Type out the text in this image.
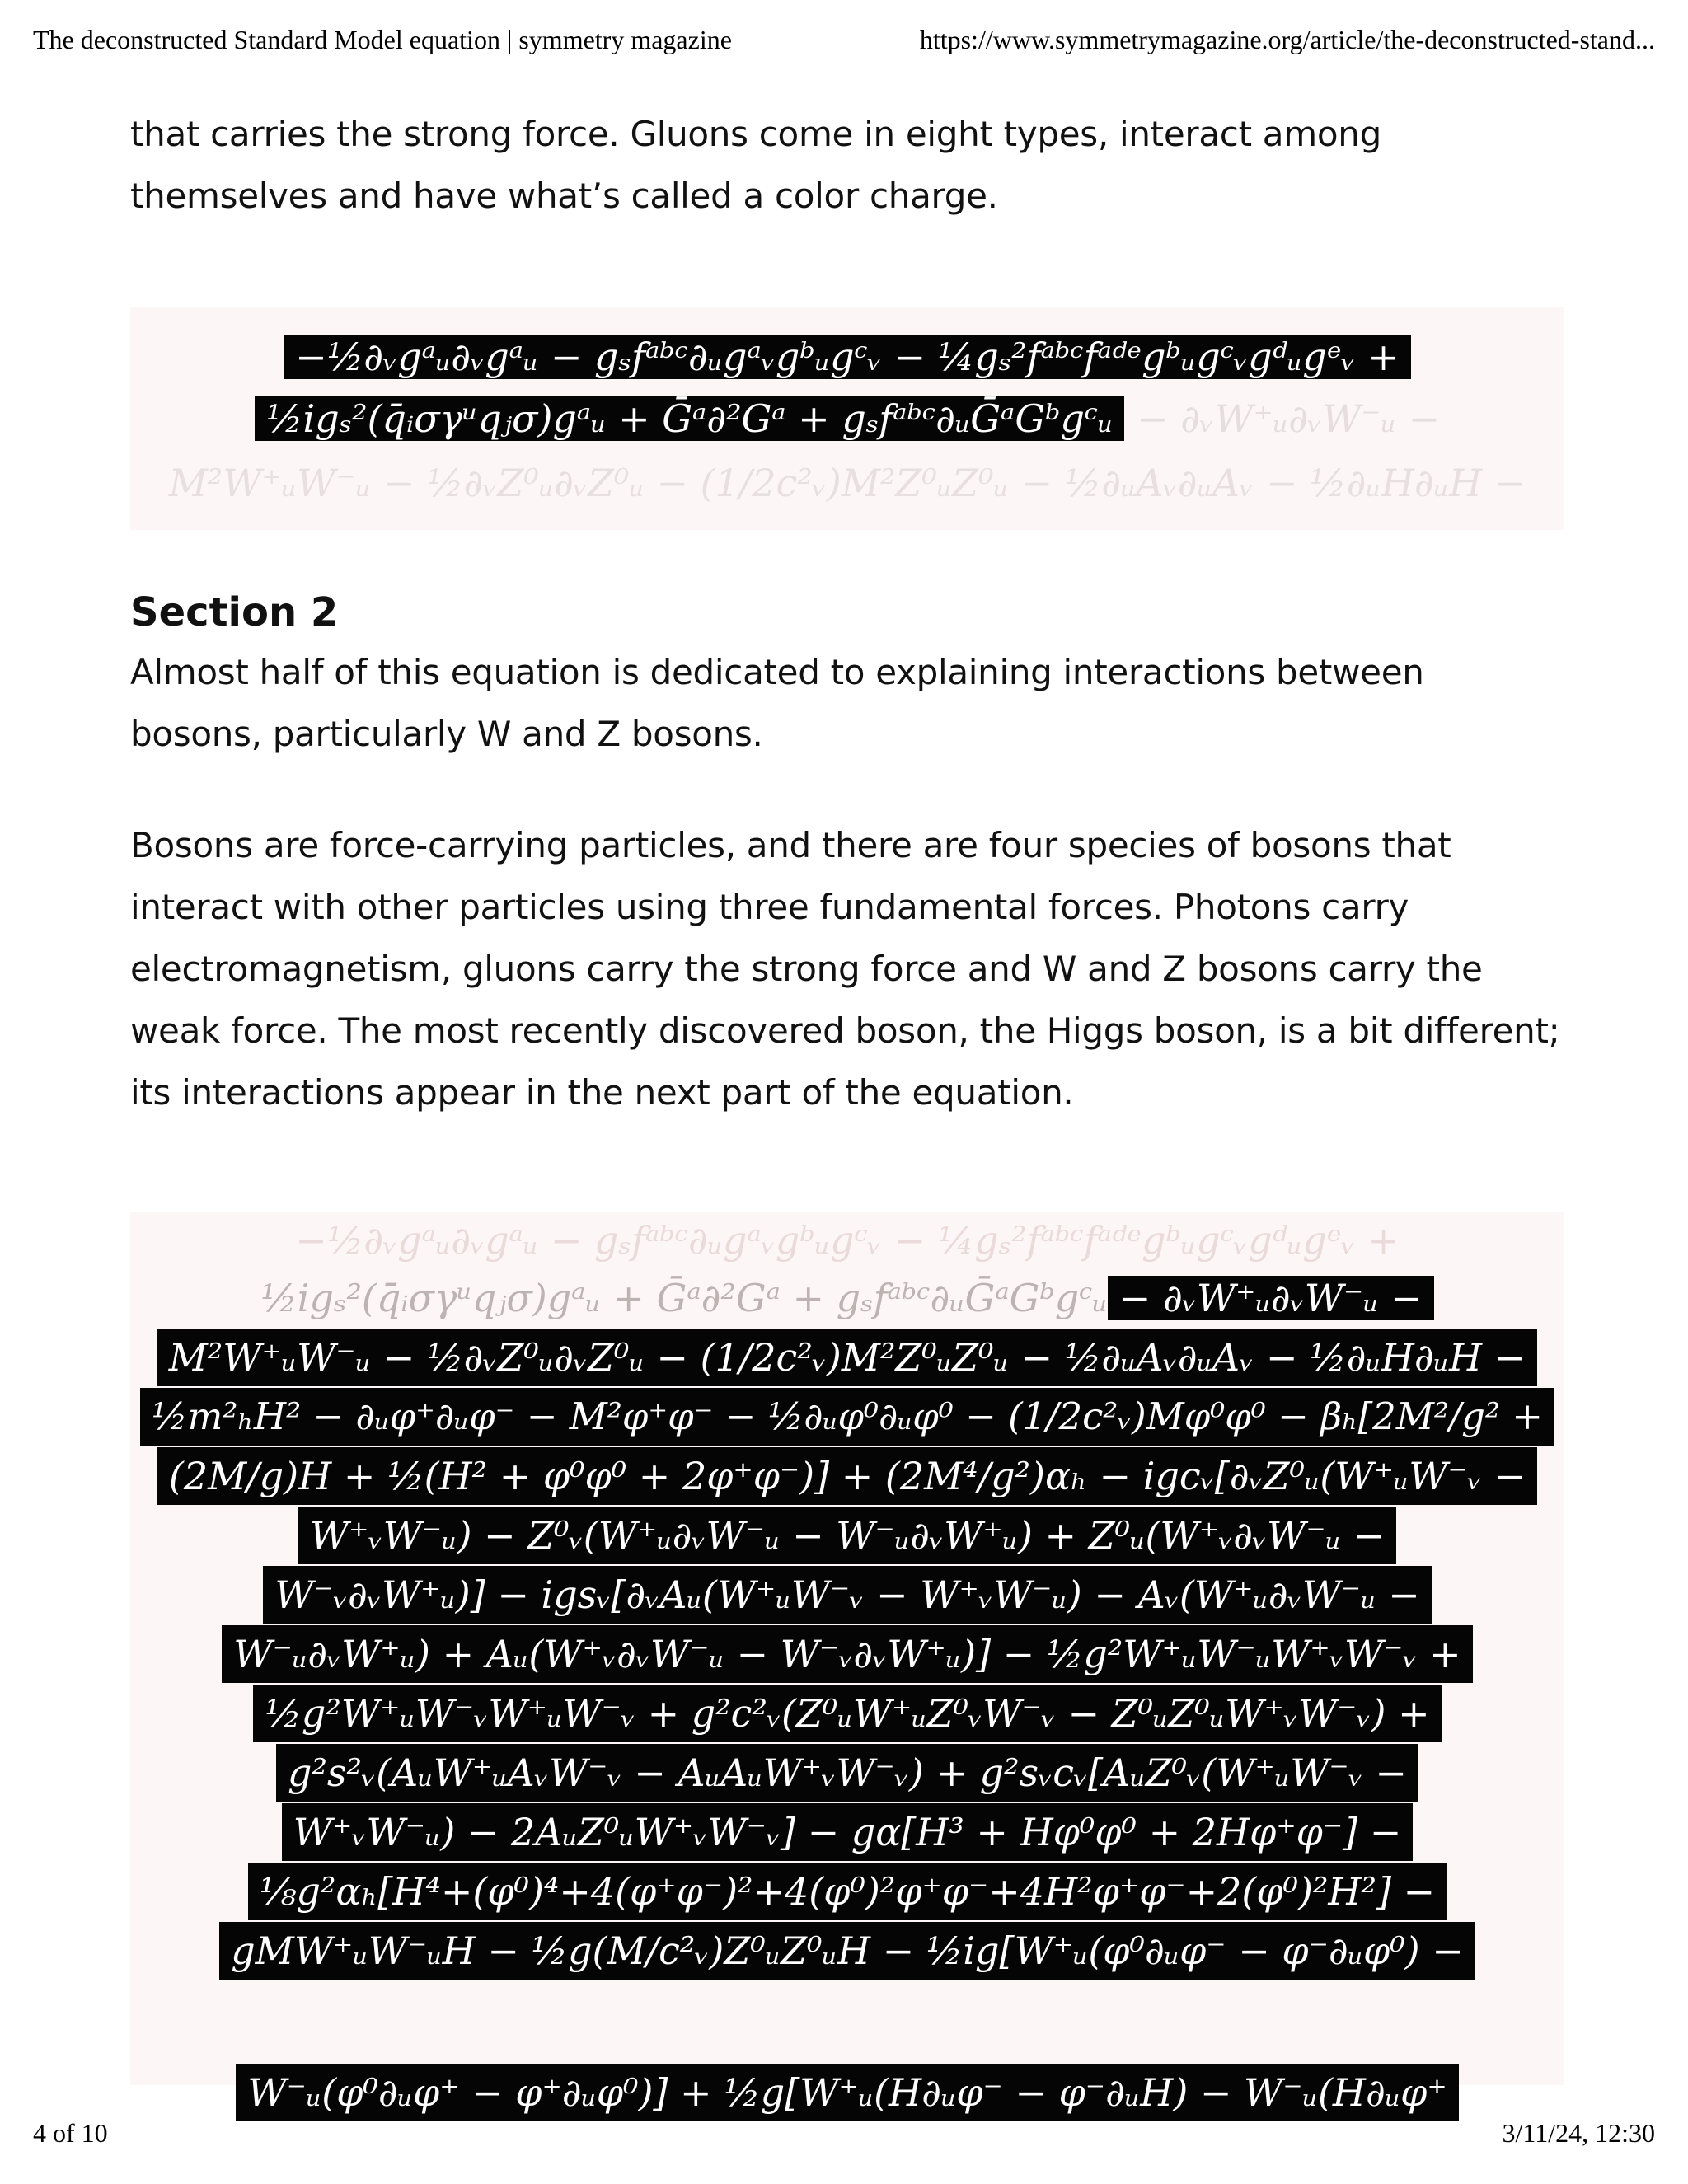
The deconstructed Standard Model equation | symmetry magazine	https://www.symmetrymagazine.org/article/the-deconstructed-stand...

that carries the strong force. Gluons come in eight types, interact among themselves and have what’s called a color charge.

−½∂ᵥgᵃᵤ∂ᵥgᵃᵤ − gₛfᵃᵇᶜ∂ᵤgᵃᵥgᵇᵤgᶜᵥ − ¼gₛ²fᵃᵇᶜfᵃᵈᵉgᵇᵤgᶜᵥgᵈᵤgᵉᵥ +
½igₛ²(q̄ᵢσγᵘqⱼσ)gᵃᵤ + Ḡᵃ∂²Gᵃ + gₛfᵃᵇᶜ∂ᵤḠᵃGᵇgᶜᵤ − ∂ᵥW⁺ᵤ∂ᵥW⁻ᵤ −
M²W⁺ᵤW⁻ᵤ − ½∂ᵥZ⁰ᵤ∂ᵥZ⁰ᵤ − (1/2c²ᵥ)M²Z⁰ᵤZ⁰ᵤ − ½∂ᵤAᵥ∂ᵤAᵥ − ½∂ᵤH∂ᵤH −
Section 2

Almost half of this equation is dedicated to explaining interactions between bosons, particularly W and Z bosons.

Bosons are force-carrying particles, and there are four species of bosons that interact with other particles using three fundamental forces. Photons carry electromagnetism, gluons carry the strong force and W and Z bosons carry the weak force. The most recently discovered boson, the Higgs boson, is a bit different; its interactions appear in the next part of the equation.

−½∂ᵥgᵃᵤ∂ᵥgᵃᵤ − gₛfᵃᵇᶜ∂ᵤgᵃᵥgᵇᵤgᶜᵥ − ¼gₛ²fᵃᵇᶜfᵃᵈᵉgᵇᵤgᶜᵥgᵈᵤgᵉᵥ +
½igₛ²(q̄ᵢσγᵘqⱼσ)gᵃᵤ + Ḡᵃ∂²Gᵃ + gₛfᵃᵇᶜ∂ᵤḠᵃGᵇgᶜᵤ − ∂ᵥW⁺ᵤ∂ᵥW⁻ᵤ −
M²W⁺ᵤW⁻ᵤ − ½∂ᵥZ⁰ᵤ∂ᵥZ⁰ᵤ − (1/2c²ᵥ)M²Z⁰ᵤZ⁰ᵤ − ½∂ᵤAᵥ∂ᵤAᵥ − ½∂ᵤH∂ᵤH −
½m²ₕH² − ∂ᵤφ⁺∂ᵤφ⁻ − M²φ⁺φ⁻ − ½∂ᵤφ⁰∂ᵤφ⁰ − (1/2c²ᵥ)Mφ⁰φ⁰ − βₕ[2M²/g² +
(2M/g)H + ½(H² + φ⁰φ⁰ + 2φ⁺φ⁻)] + (2M⁴/g²)αₕ − igcᵥ[∂ᵥZ⁰ᵤ(W⁺ᵤW⁻ᵥ −
W⁺ᵥW⁻ᵤ) − Z⁰ᵥ(W⁺ᵤ∂ᵥW⁻ᵤ − W⁻ᵤ∂ᵥW⁺ᵤ) + Z⁰ᵤ(W⁺ᵥ∂ᵥW⁻ᵤ −
W⁻ᵥ∂ᵥW⁺ᵤ)] − igsᵥ[∂ᵥAᵤ(W⁺ᵤW⁻ᵥ − W⁺ᵥW⁻ᵤ) − Aᵥ(W⁺ᵤ∂ᵥW⁻ᵤ −
W⁻ᵤ∂ᵥW⁺ᵤ) + Aᵤ(W⁺ᵥ∂ᵥW⁻ᵤ − W⁻ᵥ∂ᵥW⁺ᵤ)] − ½g²W⁺ᵤW⁻ᵤW⁺ᵥW⁻ᵥ +
½g²W⁺ᵤW⁻ᵥW⁺ᵤW⁻ᵥ + g²c²ᵥ(Z⁰ᵤW⁺ᵤZ⁰ᵥW⁻ᵥ − Z⁰ᵤZ⁰ᵤW⁺ᵥW⁻ᵥ) +
g²s²ᵥ(AᵤW⁺ᵤAᵥW⁻ᵥ − AᵤAᵤW⁺ᵥW⁻ᵥ) + g²sᵥcᵥ[AᵤZ⁰ᵥ(W⁺ᵤW⁻ᵥ −
W⁺ᵥW⁻ᵤ) − 2AᵤZ⁰ᵤW⁺ᵥW⁻ᵥ] − gα[H³ + Hφ⁰φ⁰ + 2Hφ⁺φ⁻] −
⅛g²αₕ[H⁴+(φ⁰)⁴+4(φ⁺φ⁻)²+4(φ⁰)²φ⁺φ⁻+4H²φ⁺φ⁻+2(φ⁰)²H²] −
gMW⁺ᵤW⁻ᵤH − ½g(M/c²ᵥ)Z⁰ᵤZ⁰ᵤH − ½ig[W⁺ᵤ(φ⁰∂ᵤφ⁻ − φ⁻∂ᵤφ⁰) −
W⁻ᵤ(φ⁰∂ᵤφ⁺ − φ⁺∂ᵤφ⁰)] + ½g[W⁺ᵤ(H∂ᵤφ⁻ − φ⁻∂ᵤH) − W⁻ᵤ(H∂ᵤφ⁺
4 of 10	3/11/24, 12:30
